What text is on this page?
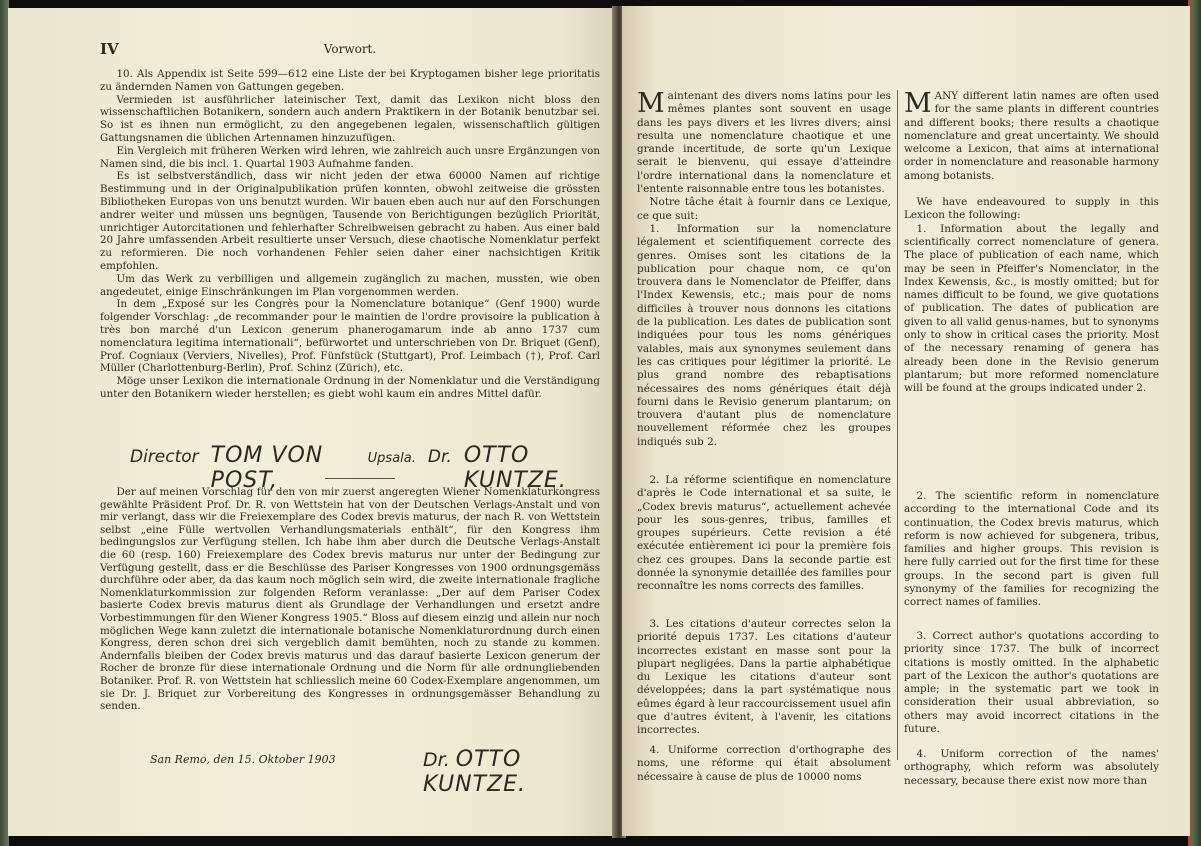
IV	Vorwort.

10. Als Appendix ist Seite 599—612 eine Liste der bei Kryptogamen bisher lege prioritatis zu ändernden Namen von Gattungen gegeben.

Vermieden ist ausführlicher lateinischer Text, damit das Lexikon nicht bloss den wissenschaftlichen Botanikern, sondern auch andern Praktikern in der Botanik benutzbar sei. So ist es ihnen nun ermöglicht, zu den angegebenen legalen, wissenschaftlich gültigen Gattungsnamen die üblichen Artennamen hinzuzufügen.

Ein Vergleich mit früheren Werken wird lehren, wie zahlreich auch unsre Ergänzungen von Namen sind, die bis incl. 1. Quartal 1903 Aufnahme fanden.

Es ist selbstverständlich, dass wir nicht jeden der etwa 60000 Namen auf richtige Bestimmung und in der Originalpublikation prüfen konnten, obwohl zeitweise die grössten Bibliotheken Europas von uns benutzt wurden. Wir bauen eben auch nur auf den Forschungen andrer weiter und müssen uns begnügen, Tausende von Berichtigungen bezüglich Priorität, unrichtiger Autorcitationen und fehlerhafter Schreibweisen gebracht zu haben. Aus einer bald 20 Jahre umfassenden Arbeit resultierte unser Versuch, diese chaotische Nomenklatur perfekt zu reformieren. Die noch vorhandenen Fehler seien daher einer nachsichtigen Kritik empfohlen.

Um das Werk zu verbilligen und allgemein zugänglich zu machen, mussten, wie oben angedeutet, einige Einschränkungen im Plan vorgenommen werden.

In dem „Exposé sur les Congrès pour la Nomenclature botanique“ (Genf 1900) wurde folgender Vorschlag: „de recommander pour le maintien de l'ordre provisoire la publication à très bon marché d'un Lexicon generum phanerogamarum inde ab anno 1737 cum nomenclatura legitima internationali“, befürwortet und unterschrieben von Dr. Briquet (Genf), Prof. Cogniaux (Verviers, Nivelles), Prof. Fünfstück (Stuttgart), Prof. Leimbach (†), Prof. Carl Müller (Charlottenburg-Berlin), Prof. Schinz (Zürich), etc.

Möge unser Lexikon die internationale Ordnung in der Nomenklatur und die Verständigung unter den Botanikern wieder herstellen; es giebt wohl kaum ein andres Mittel dafür.

Director TOM VON POST,
Upsala. Dr. OTTO KUNTZE.

Der auf meinen Vorschlag für den von mir zuerst angeregten Wiener Nomenklaturkongress gewählte Präsident Prof. Dr. R. von Wettstein hat von der Deutschen Verlags-Anstalt und von mir verlangt, dass wir die Freiexemplare des Codex brevis maturus, der nach R. von Wettstein selbst „eine Fülle wertvollen Verhandlungsmaterials enthält“, für den Kongress ihm bedingungslos zur Verfügung stellen. Ich habe ihm aber durch die Deutsche Verlags-Anstalt die 60 (resp. 160) Freiexemplare des Codex brevis maturus nur unter der Bedingung zur Verfügung gestellt, dass er die Beschlüsse des Pariser Kongresses von 1900 ordnungsgemäss durchführe oder aber, da das kaum noch möglich sein wird, die zweite internationale fragliche Nomenklaturkommission zur folgenden Reform veranlasse: „Der auf dem Pariser Codex basierte Codex brevis maturus dient als Grundlage der Verhandlungen und ersetzt andre Vorbestimmungen für den Wiener Kongress 1905.“ Bloss auf diesem einzig und allein nur noch möglichen Wege kann zuletzt die internationale botanische Nomenklaturordnung durch einen Kongress, deren schon drei sich vergeblich damit bemühten, noch zu stande zu kommen. Andernfalls bleiben der Codex brevis maturus und das darauf basierte Lexicon generum der Rocher de bronze für diese internationale Ordnung und die Norm für alle ordnungliebenden Botaniker. Prof. R. von Wettstein hat schliesslich meine 60 Codex-Exemplare angenommen, um sie Dr. J. Briquet zur Vorbereitung des Kongresses in ordnungsgemässer Behandlung zu senden.

San Remo, den 15. Oktober 1903	Dr. OTTO KUNTZE.

Maintenant des divers noms latins pour les mêmes plantes sont souvent en usage dans les pays divers et les livres divers; ainsi resulta une nomenclature chaotique et une grande incertitude, de sorte qu'un Lexique serait le bienvenu, qui essaye d'atteindre l'ordre international dans la nomenclature et l'entente raisonnable entre tous les botanistes.

Notre tâche était à fournir dans ce Lexique, ce que suit:

1. Information sur la nomenclature légalement et scientifiquement correcte des genres. Omises sont les citations de la publication pour chaque nom, ce qu'on trouvera dans le Nomenclator de Pfeiffer, dans l'Index Kewensis, etc.; mais pour de noms difficiles à trouver nous donnons les citations de la publication. Les dates de publication sont indiquées pour tous les noms génériques valables, mais aux synonymes seulement dans les cas critiques pour légitimer la priorité. Le plus grand nombre des rebaptisations nécessaires des noms génériques était déjà fourni dans le Revisio generum plantarum; on trouvera d'autant plus de nomenclature nouvellement réformée chez les groupes indiqués sub 2.

2. La réforme scientifique en nomenclature d'après le Code international et sa suite, le „Codex brevis maturus“, actuellement achevée pour les sous-genres, tribus, familles et groupes supérieurs. Cette revision a été exécutée entièrement ici pour la première fois chez ces groupes. Dans la seconde partie est donnée la synonymie detaillée des familles pour reconnaître les noms corrects des familles.

3. Les citations d'auteur correctes selon la priorité depuis 1737. Les citations d'auteur incorrectes existant en masse sont pour la plupart negligées. Dans la partie alphabétique du Lexique les citations d'auteur sont développées; dans la part systématique nous eûmes égard à leur raccourcissement usuel afin que d'autres évitent, à l'avenir, les citations incorrectes.

4. Uniforme correction d'orthographe des noms, une réforme qui était absolument nécessaire à cause de plus de 10000 noms

MANY different latin names are often used for the same plants in different countries and different books; there results a chaotique nomenclature and great uncertainty. We should welcome a Lexicon, that aims at international order in nomenclature and reasonable harmony among botanists.

We have endeavoured to supply in this Lexicon the following:

1. Information about the legally and scientifically correct nomenclature of genera. The place of publication of each name, which may be seen in Pfeiffer's Nomenclator, in the Index Kewensis, &c., is mostly omitted; but for names difficult to be found, we give quotations of publication. The dates of publication are given to all valid genus-names, but to synonyms only to show in critical cases the priority. Most of the necessary renaming of genera has already been done in the Revisio generum plantarum; but more reformed nomenclature will be found at the groups indicated under 2.

2. The scientific reform in nomenclature according to the international Code and its continuation, the Codex brevis maturus, which reform is now achieved for subgenera, tribus, families and higher groups. This revision is here fully carried out for the first time for these groups. In the second part is given full synonymy of the families for recognizing the correct names of families.

3. Correct author's quotations according to priority since 1737. The bulk of incorrect citations is mostly omitted. In the alphabetic part of the Lexicon the author's quotations are ample; in the systematic part we took in consideration their usual abbreviation, so others may avoid incorrect citations in the future.

4. Uniform correction of the names' orthography, which reform was absolutely necessary, because there exist now more than
